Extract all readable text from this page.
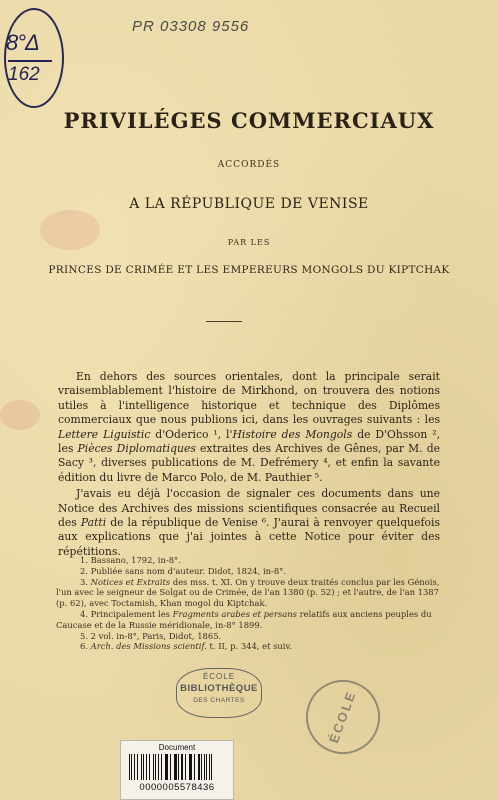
8°Δ
162
PR 03308 9556
PRIVILÉGES COMMERCIAUX
ACCORDÉS
A LA RÉPUBLIQUE DE VENISE
PAR LES
PRINCES DE CRIMÉE ET LES EMPEREURS MONGOLS DU KIPTCHAK

En dehors des sources orientales, dont la principale serait vraisemblablement l'histoire de Mirkhond, on trouvera des notions utiles à l'intelligence historique et technique des Diplômes commerciaux que nous publions ici, dans les ouvrages suivants : les Lettere Liguistic d'Oderico ¹, l'Histoire des Mongols de D'Ohsson ², les Pièces Diplomatiques extraites des Archives de Gênes, par M. de Sacy ³, diverses publications de M. Defrémery ⁴, et enfin la savante édition du livre de Marco Polo, de M. Pauthier ⁵.

J'avais eu déjà l'occasion de signaler ces documents dans une Notice des Archives des missions scientifiques consacrée au Recueil des Patti de la république de Venise ⁶. J'aurai à renvoyer quelquefois aux explications que j'ai jointes à cette Notice pour éviter des répétitions.

1. Bassano, 1792, in-8°.
2. Publiée sans nom d'auteur. Didot, 1824, in-8°.
3. Notices et Extraits des mss. t. XI. On y trouve deux traités conclus par les Génois, l'un avec le seigneur de Solgat ou de Crimée, de l'an 1380 (p. 52) ; et l'autre, de l'an 1387 (p. 62), avec Toctamish, Khan mogol du Kiptchak.
4. Principalement les Fragments arabes et persans relatifs aux anciens peuples du Caucase et de la Russie méridionale, in-8° 1899.
5. 2 vol. in-8°, Paris, Didot, 1865.
6. Arch. des Missions scientif. t. II, p. 344, et suiv.
ÉCOLE
BIBLIOTHÈQUE
DES CHARTES	ÉCOLE
Document
0000005578436
